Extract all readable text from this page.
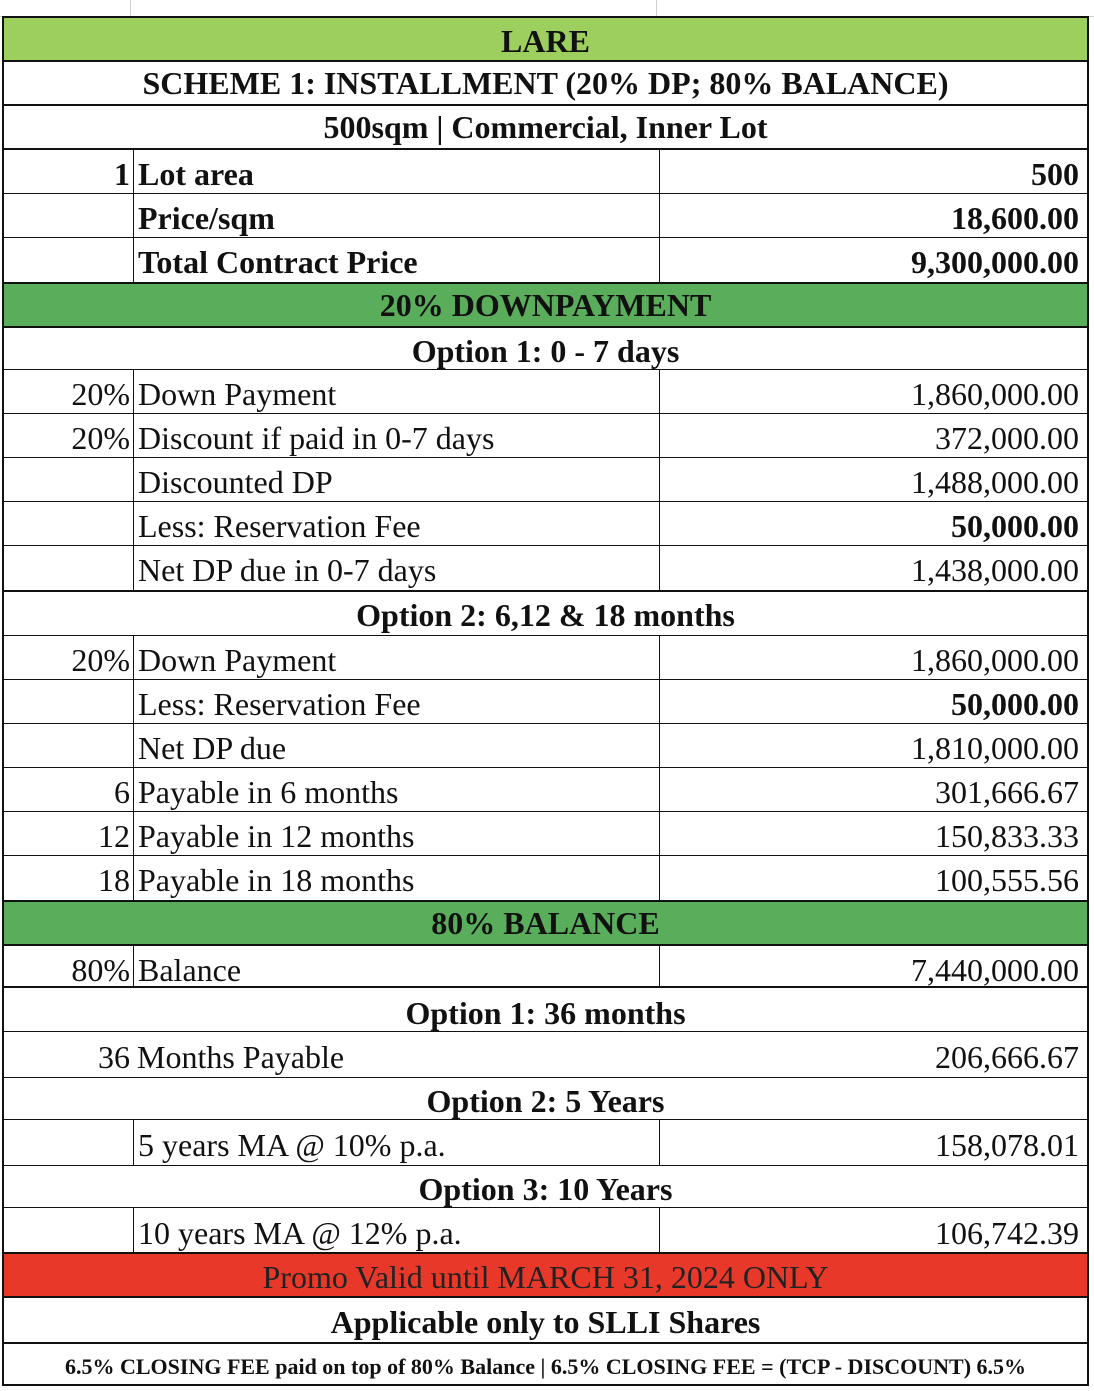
LARE
SCHEME 1: INSTALLMENT (20% DP; 80% BALANCE)
500sqm | Commercial, Inner Lot
1 Lot area	500
Price/sqm	18,600.00
Total Contract Price	9,300,000.00
20% DOWNPAYMENT
Option 1: 0 - 7 days
20% Down Payment	1,860,000.00
20% Discount if paid in 0-7 days	372,000.00
Discounted DP	1,488,000.00
Less: Reservation Fee	50,000.00
Net DP due in 0-7 days	1,438,000.00
Option 2: 6,12 & 18 months
20% Down Payment	1,860,000.00
Less: Reservation Fee	50,000.00
Net DP due	1,810,000.00
6 Payable in 6 months	301,666.67
12 Payable in 12 months	150,833.33
18 Payable in 18 months	100,555.56
80% BALANCE
80% Balance	7,440,000.00
Option 1: 36 months
36 Months Payable	206,666.67
Option 2: 5 Years
5 years MA @ 10% p.a.	158,078.01
Option 3: 10 Years
10 years MA @ 12% p.a.	106,742.39
Promo Valid until MARCH 31, 2024 ONLY
Applicable only to SLLI Shares
6.5% CLOSING FEE paid on top of 80% Balance | 6.5% CLOSING FEE = (TCP - DISCOUNT) 6.5%
